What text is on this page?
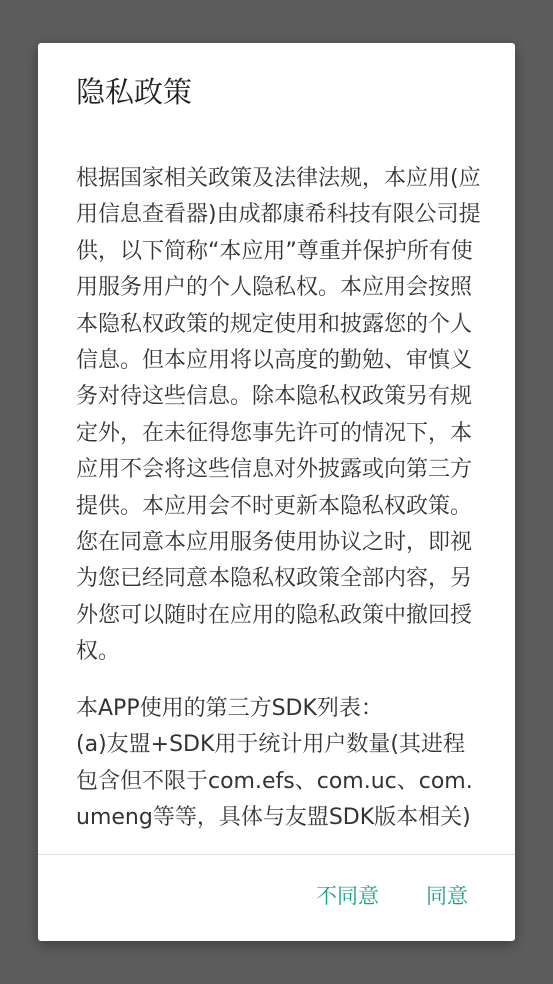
隐私政策

根据国家相关政策及法律法规，本应用(应用信息查看器)由成都康希科技有限公司提供，以下简称“本应用”尊重并保护所有使用服务用户的个人隐私权。本应用会按照本隐私权政策的规定使用和披露您的个人信息。但本应用将以高度的勤勉、审慎义务对待这些信息。除本隐私权政策另有规定外，在未征得您事先许可的情况下，本应用不会将这些信息对外披露或向第三方提供。本应用会不时更新本隐私权政策。 您在同意本应用服务使用协议之时，即视为您已经同意本隐私权政策全部内容，另外您可以随时在应用的隐私政策中撤回授权。

本APP使用的第三方SDK列表：
(a)友盟+SDK用于统计用户数量(其进程包含但不限于com.efs、com.uc、com.umeng等等，具体与友盟SDK版本相关)

不同意 同意
